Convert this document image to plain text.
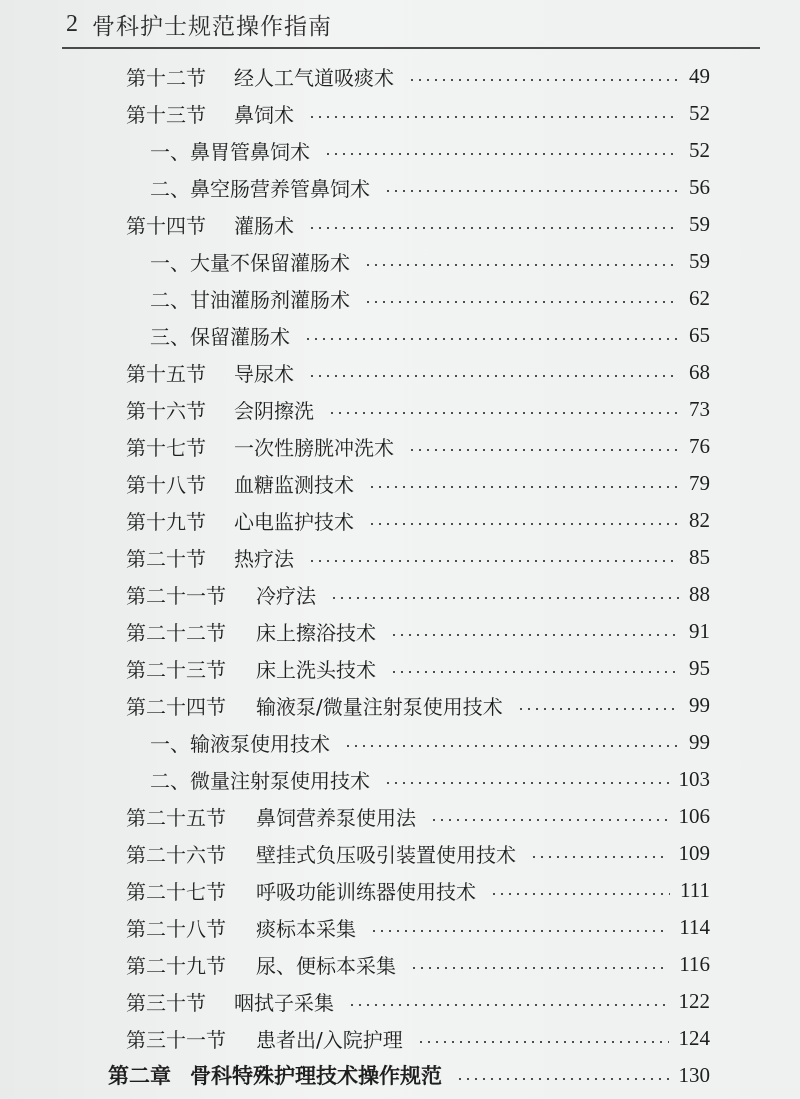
2 骨科护士规范操作指南
第十二节	经人工气道吸痰术	49
第十三节	鼻饲术	52
一、鼻胃管鼻饲术	52
二、鼻空肠营养管鼻饲术	56
第十四节	灌肠术	59
一、大量不保留灌肠术	59
二、甘油灌肠剂灌肠术	62
三、保留灌肠术	65
第十五节	导尿术	68
第十六节	会阴擦洗	73
第十七节	一次性膀胱冲洗术	76
第十八节	血糖监测技术	79
第十九节	心电监护技术	82
第二十节	热疗法	85
第二十一节	冷疗法	88
第二十二节	床上擦浴技术	91
第二十三节	床上洗头技术	95
第二十四节	输液泵/微量注射泵使用技术	99
一、输液泵使用技术	99
二、微量注射泵使用技术	103
第二十五节	鼻饲营养泵使用法	106
第二十六节	壁挂式负压吸引装置使用技术	109
第二十七节	呼吸功能训练器使用技术	111
第二十八节	痰标本采集	114
第二十九节	尿、便标本采集	116
第三十节	咽拭子采集	122
第三十一节	患者出/入院护理	124
第二章 骨科特殊护理技术操作规范	130
